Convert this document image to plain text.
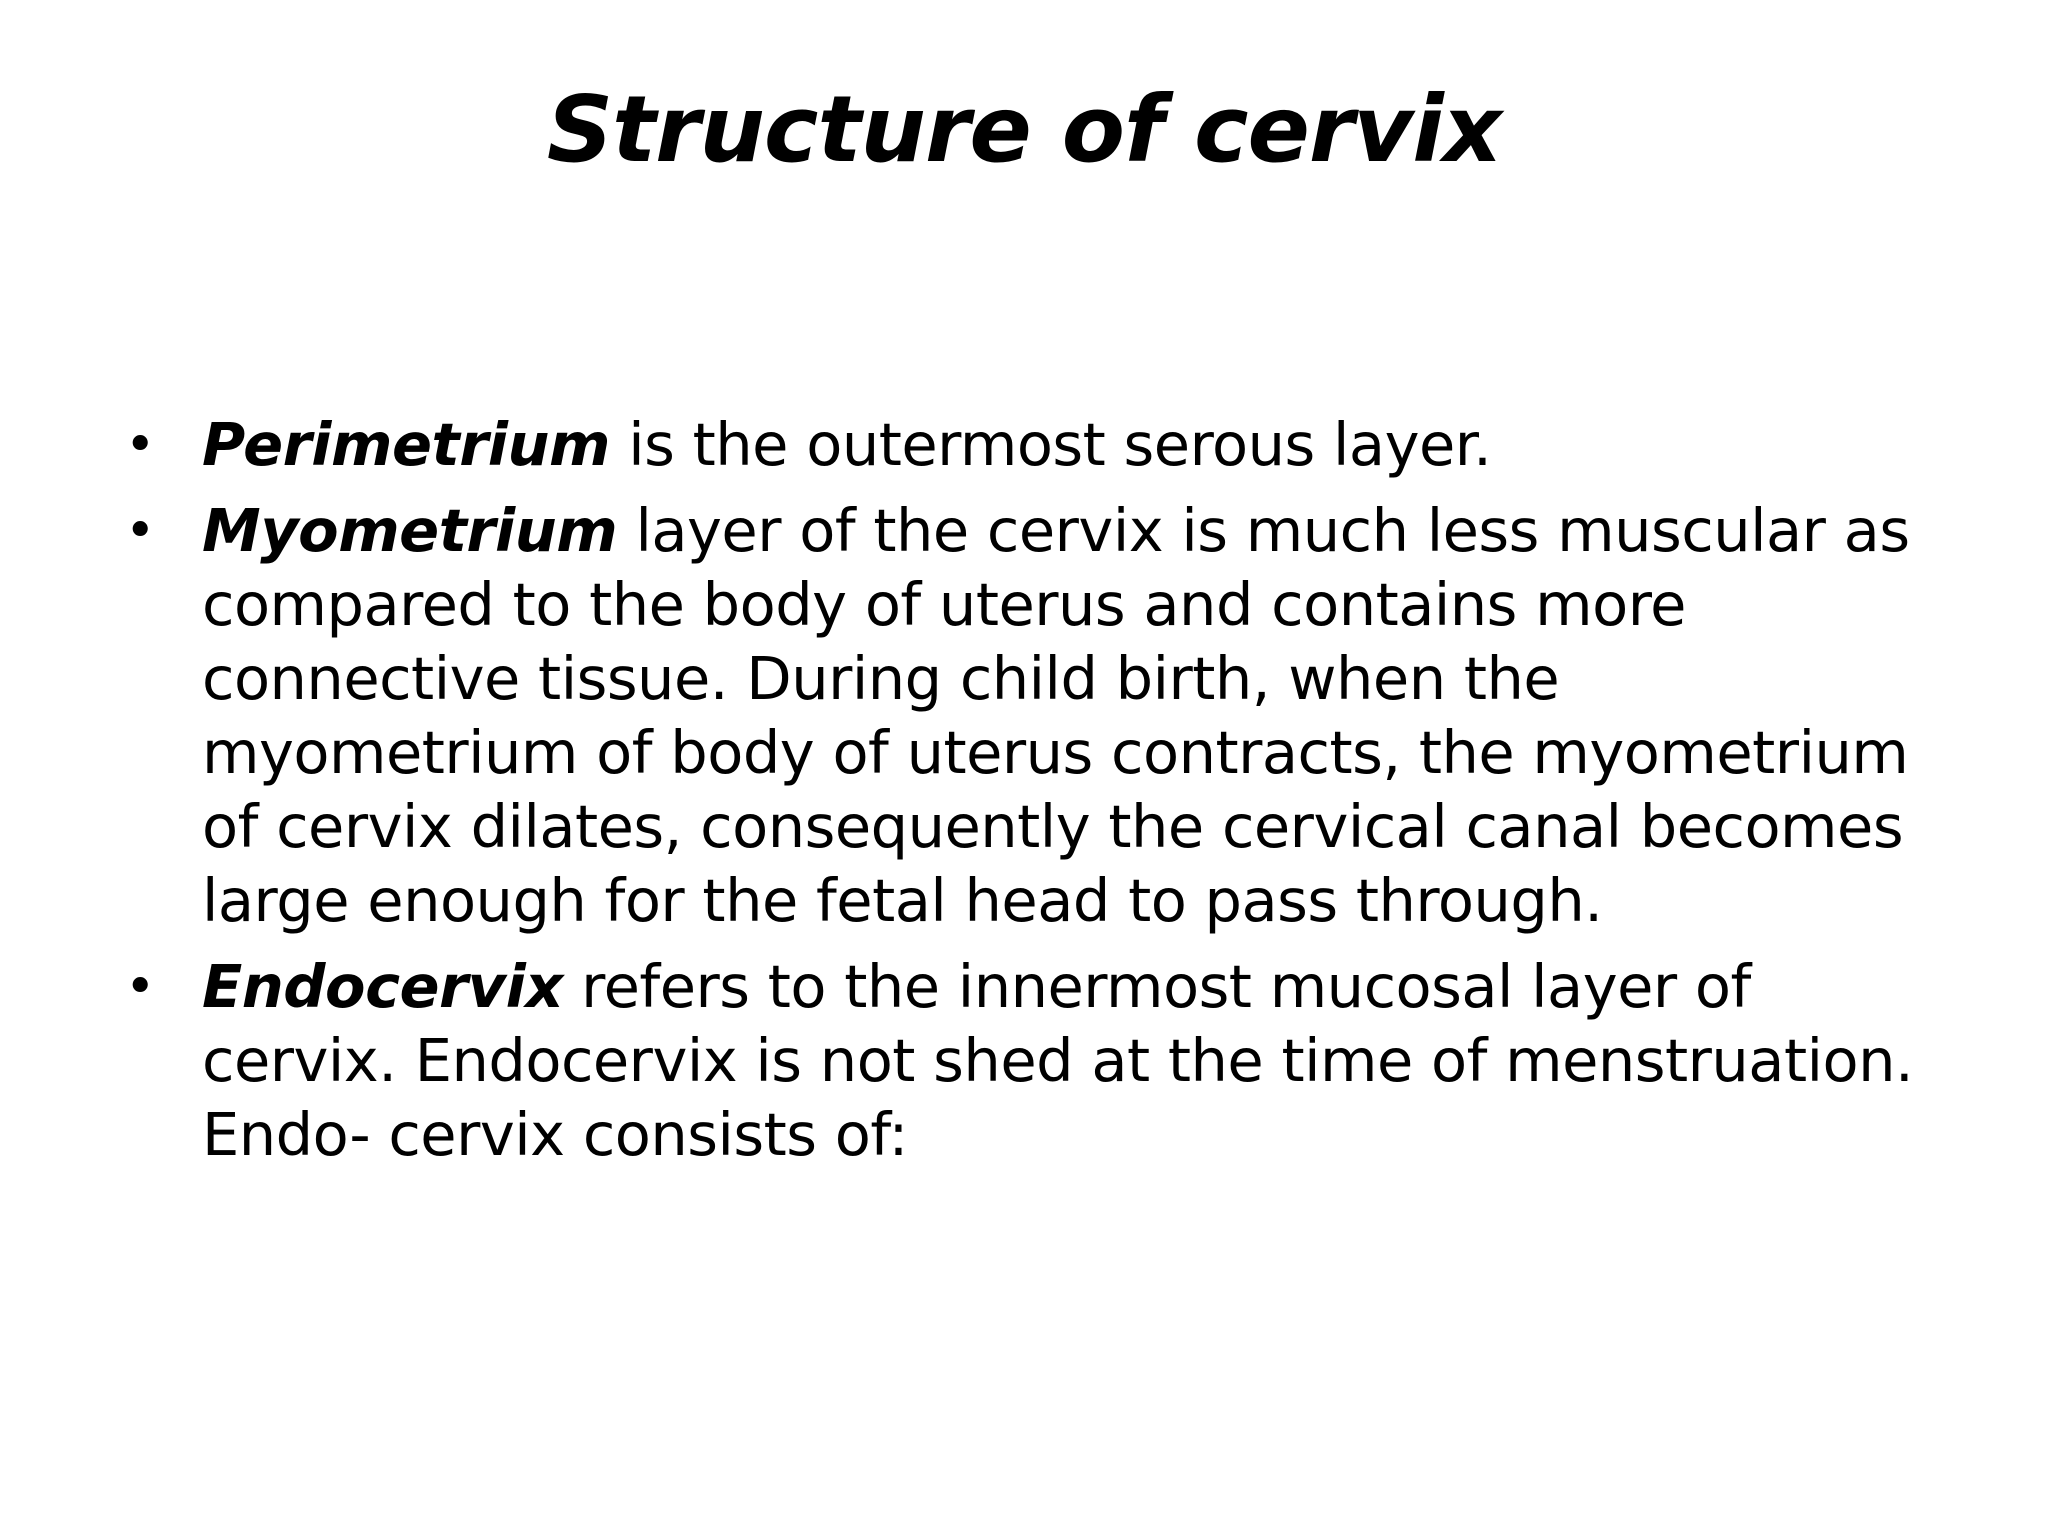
Structure of cervix
• Perimetrium is the outermost serous layer.
• Myometrium layer of the cervix is much less muscular as compared to the body of uterus and contains more connective tissue. During child birth, when the myometrium of body of uterus contracts, the myometrium of cervix dilates, consequently the cervical canal becomes large enough for the fetal head to pass through.
• Endocervix refers to the innermost mucosal layer of cervix. Endocervix is not shed at the time of menstruation. Endo- cervix consists of:
